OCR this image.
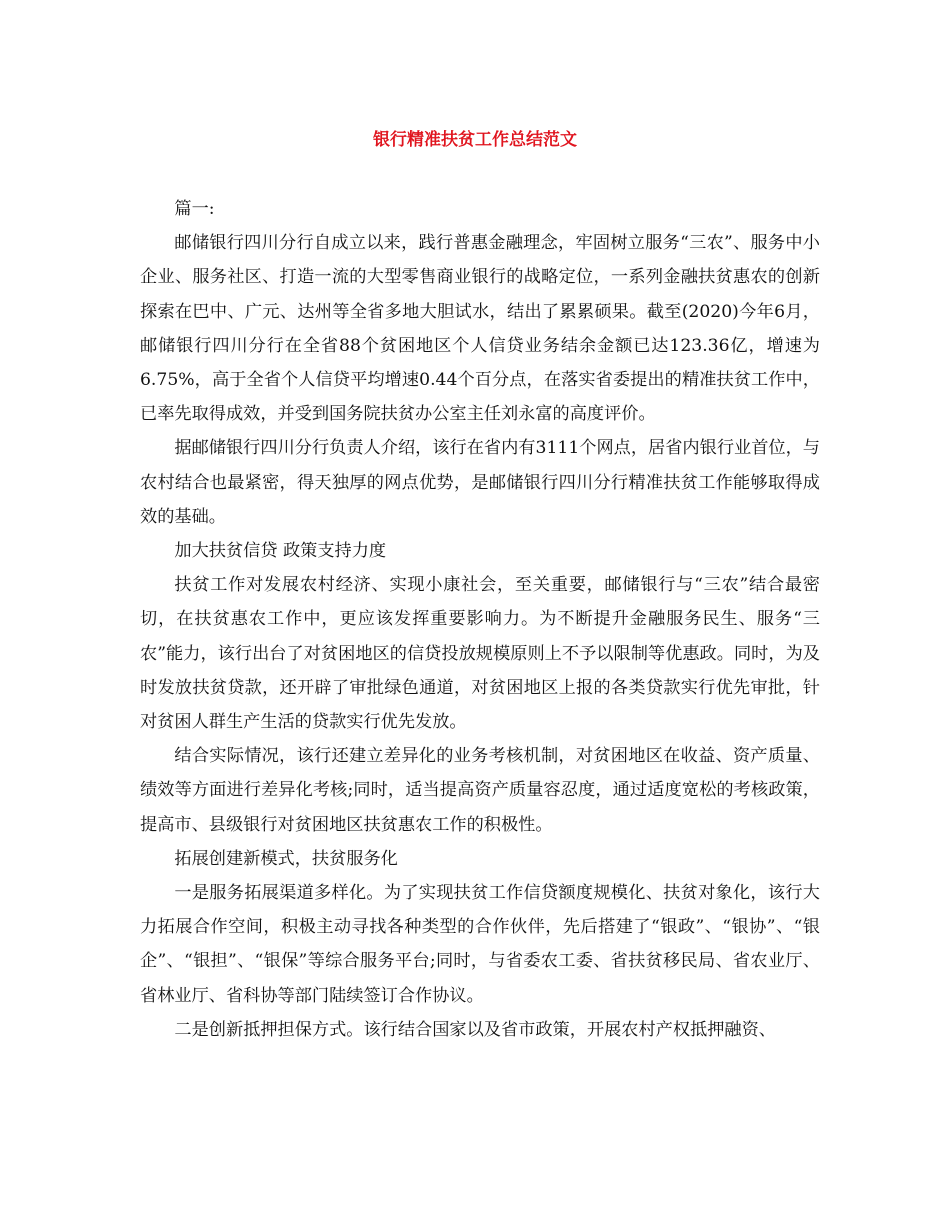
银行精准扶贫工作总结范文

篇一:

邮储银行四川分行自成立以来，践行普惠金融理念，牢固树立服务“三农”、服务中小企业、服务社区、打造一流的大型零售商业银行的战略定位，一系列金融扶贫惠农的创新探索在巴中、广元、达州等全省多地大胆试水，结出了累累硕果。截至(2020)今年6月，邮储银行四川分行在全省88个贫困地区个人信贷业务结余金额已达123.36亿，增速为6.75%，高于全省个人信贷平均增速0.44个百分点，在落实省委提出的精准扶贫工作中，已率先取得成效，并受到国务院扶贫办公室主任刘永富的高度评价。

据邮储银行四川分行负责人介绍，该行在省内有3111个网点，居省内银行业首位，与农村结合也最紧密，得天独厚的网点优势，是邮储银行四川分行精准扶贫工作能够取得成效的基础。

加大扶贫信贷 政策支持力度

扶贫工作对发展农村经济、实现小康社会，至关重要，邮储银行与“三农”结合最密切，在扶贫惠农工作中，更应该发挥重要影响力。为不断提升金融服务民生、服务“三农”能力，该行出台了对贫困地区的信贷投放规模原则上不予以限制等优惠政。同时，为及时发放扶贫贷款，还开辟了审批绿色通道，对贫困地区上报的各类贷款实行优先审批，针对贫困人群生产生活的贷款实行优先发放。

结合实际情况，该行还建立差异化的业务考核机制，对贫困地区在收益、资产质量、绩效等方面进行差异化考核;同时，适当提高资产质量容忍度，通过适度宽松的考核政策，提高市、县级银行对贫困地区扶贫惠农工作的积极性。

拓展创建新模式，扶贫服务化

一是服务拓展渠道多样化。为了实现扶贫工作信贷额度规模化、扶贫对象化，该行大力拓展合作空间，积极主动寻找各种类型的合作伙伴，先后搭建了“银政”、“银协”、“银企”、“银担”、“银保”等综合服务平台;同时，与省委农工委、省扶贫移民局、省农业厅、省林业厅、省科协等部门陆续签订合作协议。

二是创新抵押担保方式。该行结合国家以及省市政策，开展农村产权抵押融资、
